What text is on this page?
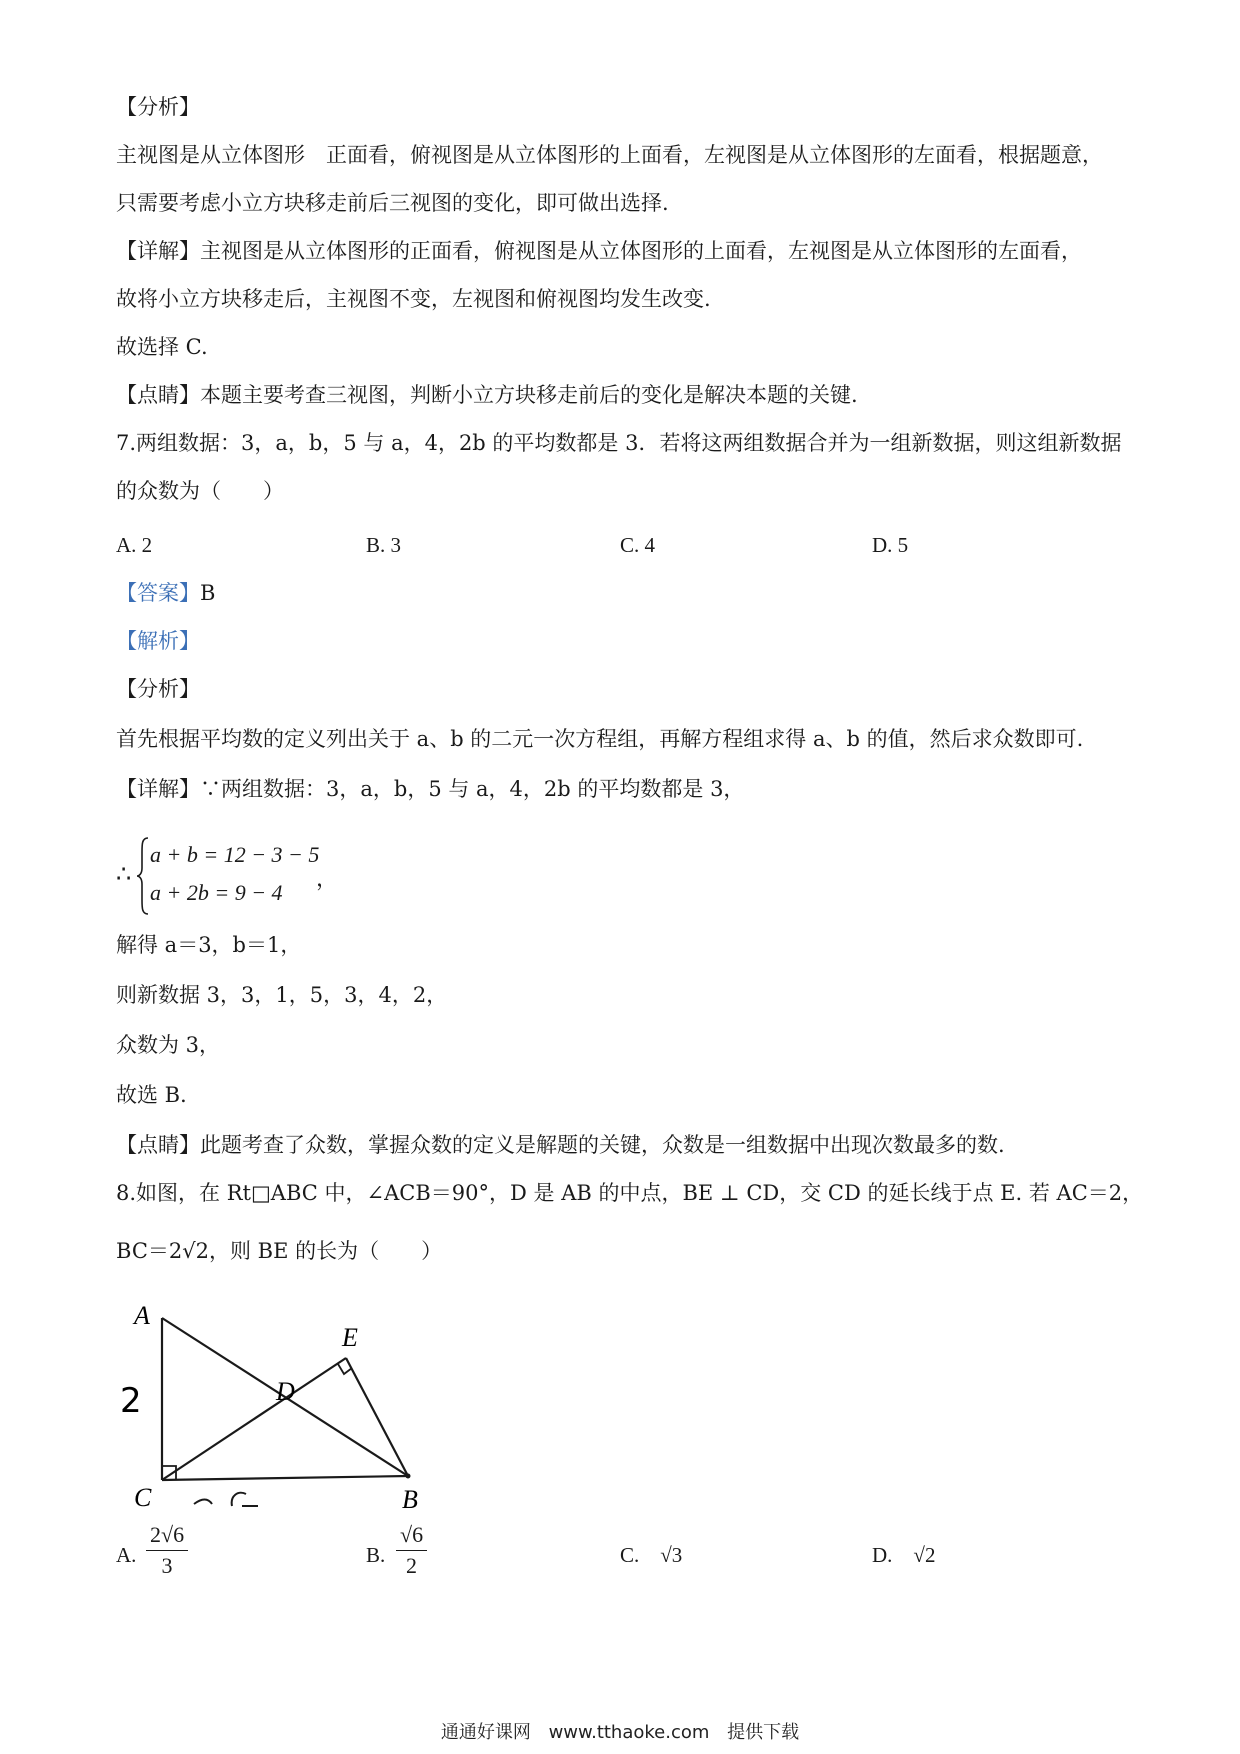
【分析】
主视图是从立体图形　正面看，俯视图是从立体图形的上面看，左视图是从立体图形的左面看，根据题意，
只需要考虑小立方块移走前后三视图的变化，即可做出选择.
【详解】主视图是从立体图形的正面看，俯视图是从立体图形的上面看，左视图是从立体图形的左面看，
故将小立方块移走后，主视图不变，左视图和俯视图均发生改变.
故选择 C.
【点睛】本题主要考查三视图，判断小立方块移走前后的变化是解决本题的关键.
7.两组数据：3，a，b，5 与 a，4，2b 的平均数都是 3．若将这两组数据合并为一组新数据，则这组新数据
的众数为（　　）
A. 2	B. 3	C. 4	D. 5
【答案】B
【解析】
【分析】
首先根据平均数的定义列出关于 a、b 的二元一次方程组，再解方程组求得 a、b 的值，然后求众数即可.
【详解】∵两组数据：3，a，b，5 与 a，4，2b 的平均数都是 3，
∴
a + b = 12 − 3 − 5
a + 2b = 9 − 4
，
解得 a＝3，b＝1，
则新数据 3，3，1，5，3，4，2，
众数为 3，
故选 B．
【点睛】此题考查了众数，掌握众数的定义是解题的关键，众数是一组数据中出现次数最多的数.
8.如图，在 Rt□ABC 中，∠ACB＝90°，D 是 AB 的中点，BE ⊥ CD，交 CD 的延长线于点 E. 若 AC＝2，
BC＝2√2，则 BE 的长为（　　）
A
C	B
D
E
2
A. $\frac{2√6}{3}$	B. $\frac{√6}{2}$	C.　√3	D.　√2
通通好课网 www.tthaoke.com 提供下载
